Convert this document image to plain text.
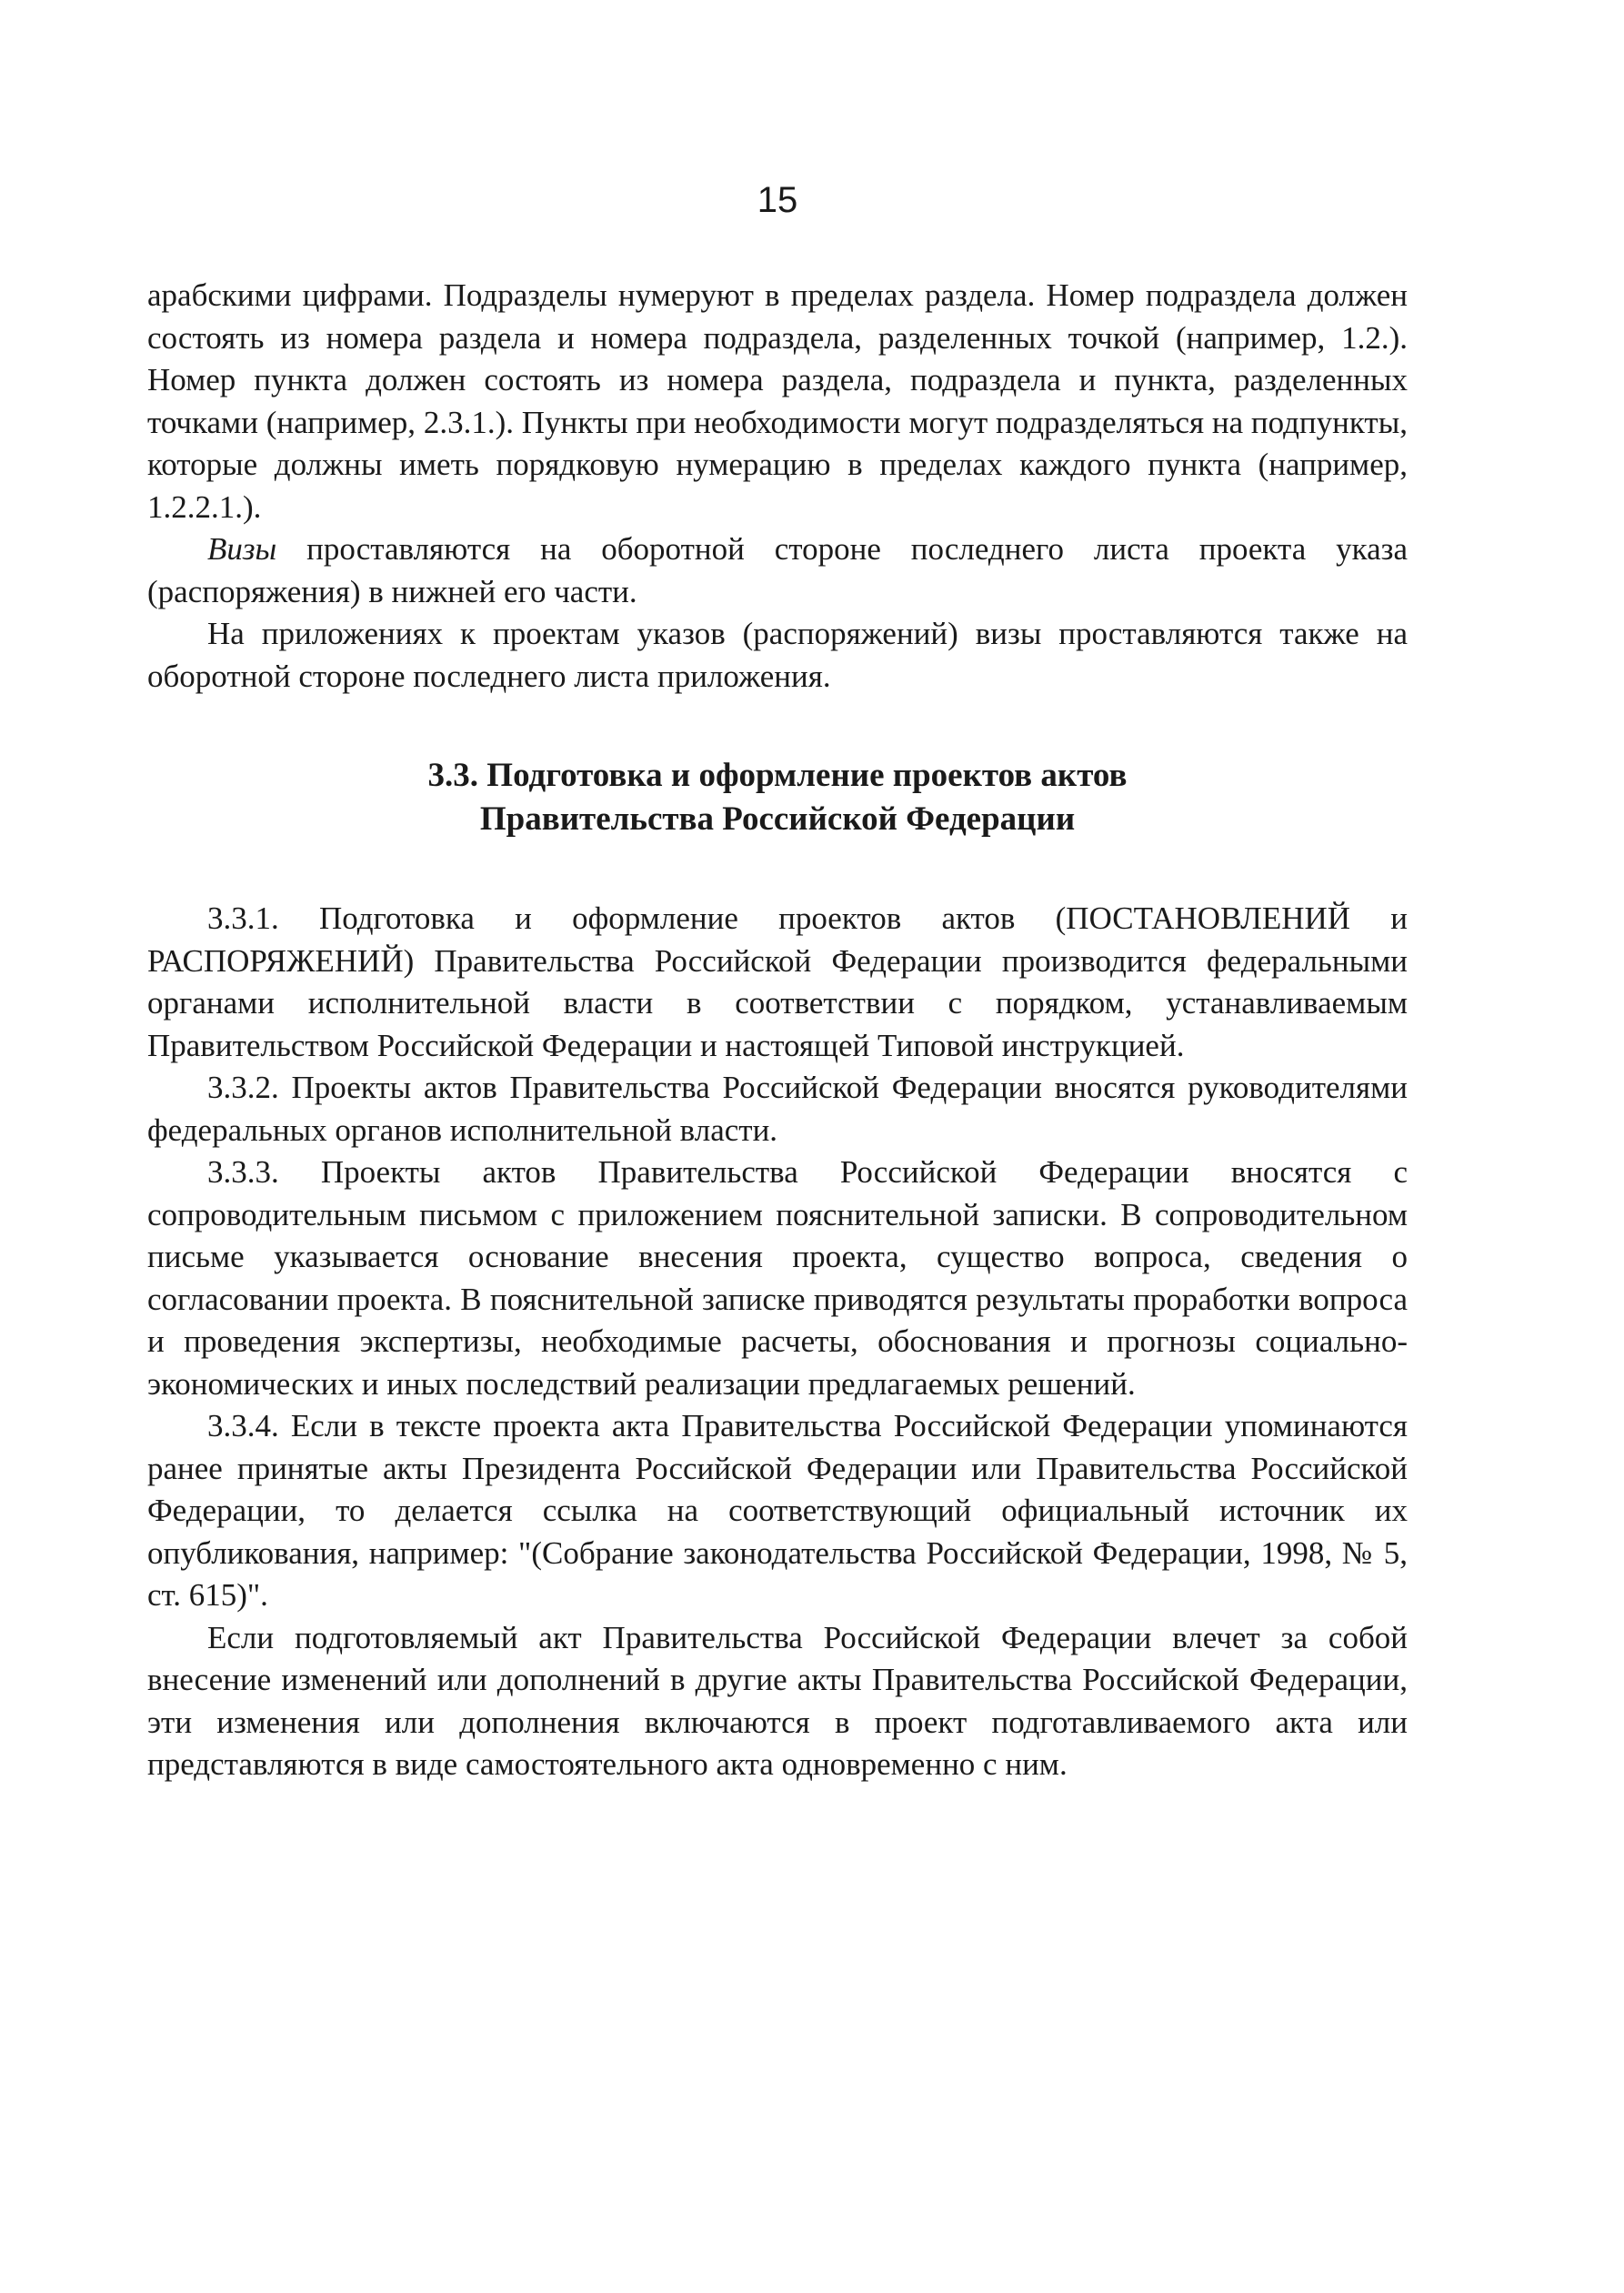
15

арабскими цифрами. Подразделы нумеруют в пределах раздела. Номер подраздела должен состоять из номера раздела и номера подраздела, разделенных точкой (например, 1.2.). Номер пункта должен состоять из номера раздела, подраздела и пункта, разделенных точками (например, 2.3.1.). Пункты при необходимости могут подразделяться на подпункты, которые должны иметь порядковую нумерацию в пределах каждого пункта (например, 1.2.2.1.).

Визы проставляются на оборотной стороне последнего листа проекта указа (распоряжения) в нижней его части.

На приложениях к проектам указов (распоряжений) визы проставляются также на оборотной стороне последнего листа приложения.

3.3. Подготовка и оформление проектов актов
Правительства Российской Федерации

3.3.1. Подготовка и оформление проектов актов (ПОСТАНОВЛЕНИЙ и РАСПОРЯЖЕНИЙ) Правительства Российской Федерации производится федеральными органами исполнительной власти в соответствии с порядком, устанавливаемым Правительством Российской Федерации и настоящей Типовой инструкцией.

3.3.2. Проекты актов Правительства Российской Федерации вносятся руководителями федеральных органов исполнительной власти.

3.3.3. Проекты актов Правительства Российской Федерации вносятся с сопроводительным письмом с приложением пояснительной записки. В сопроводительном письме указывается основание внесения проекта, существо вопроса, сведения о согласовании проекта. В пояснительной записке приводятся результаты проработки вопроса и проведения экспертизы, необходимые расчеты, обоснования и прогнозы социально-экономических и иных последствий реализации предлагаемых решений.

3.3.4. Если в тексте проекта акта Правительства Российской Федерации упоминаются ранее принятые акты Президента Российской Федерации или Правительства Российской Федерации, то делается ссылка на соответствующий официальный источник их опубликования, например: "(Собрание законодательства Российской Федерации, 1998, № 5, ст. 615)".

Если подготовляемый акт Правительства Российской Федерации влечет за собой внесение изменений или дополнений в другие акты Правительства Российской Федерации, эти изменения или дополнения включаются в проект подготавливаемого акта или представляются в виде самостоятельного акта одновременно с ним.
